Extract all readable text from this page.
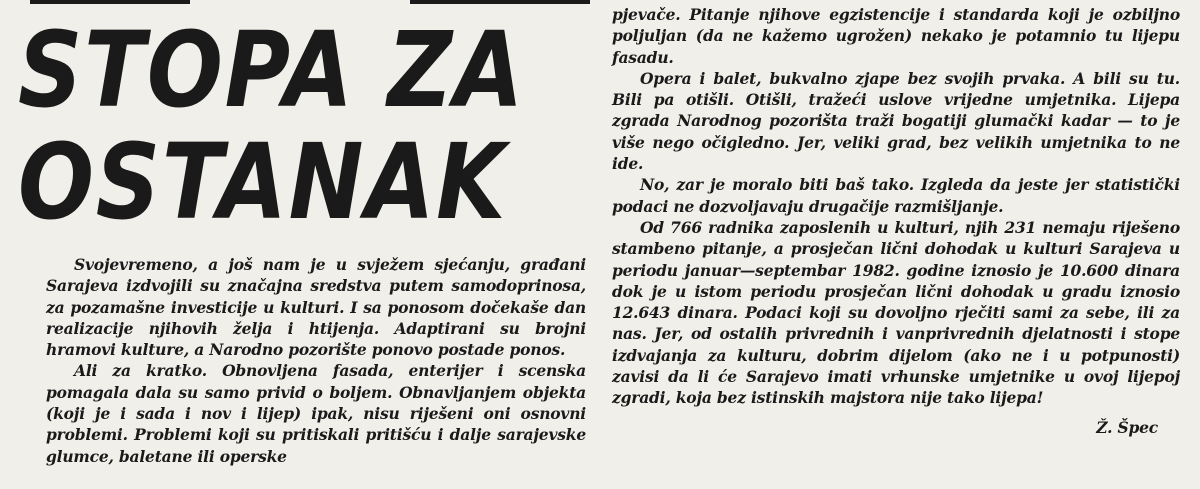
STOPA ZA
OSTANAK

Svojevremeno, a još nam je u svježem sjećanju, građani Sarajeva izdvojili su značajna sredstva putem samodoprinosa, za pozamašne investicije u kulturi. I sa ponosom dočekaše dan realizacije njihovih želja i htijenja. Adaptirani su brojni hramovi kulture, a Narodno pozorište ponovo postade ponos.

Ali za kratko. Obnovljena fasada, enterijer i scenska pomagala dala su samo privid o boljem. Obnavljanjem objekta (koji je i sada i nov i lijep) ipak, nisu riješeni oni osnovni problemi. Problemi koji su pritiskali pritišću i dalje sarajevske glumce, baletane ili operske

pjevače. Pitanje njihove egzistencije i standarda koji je ozbiljno poljuljan (da ne kažemo ugrožen) nekako je potamnio tu lijepu fasadu.

Opera i balet, bukvalno zjape bez svojih prvaka. A bili su tu. Bili pa otišli. Otišli, tražeći uslove vrijedne umjetnika. Lijepa zgrada Narodnog pozorišta traži bogatiji glumački kadar — to je više nego očigledno. Jer, veliki grad, bez velikih umjetnika to ne ide.

No, zar je moralo biti baš tako. Izgleda da jeste jer statistički podaci ne dozvoljavaju drugačije razmišljanje.

Od 766 radnika zaposlenih u kulturi, njih 231 nemaju riješeno stambeno pitanje, a prosječan lični dohodak u kulturi Sarajeva u periodu januar—septembar 1982. godine iznosio je 10.600 dinara dok je u istom periodu prosječan lični dohodak u gradu iznosio 12.643 dinara. Podaci koji su dovoljno rječiti sami za sebe, ili za nas. Jer, od ostalih privrednih i vanprivrednih djelatnosti i stope izdvajanja za kulturu, dobrim dijelom (ako ne i u potpunosti) zavisi da li će Sarajevo imati vrhunske umjetnike u ovoj lijepoj zgradi, koja bez istinskih majstora nije tako lijepa!

Ž. Špec
